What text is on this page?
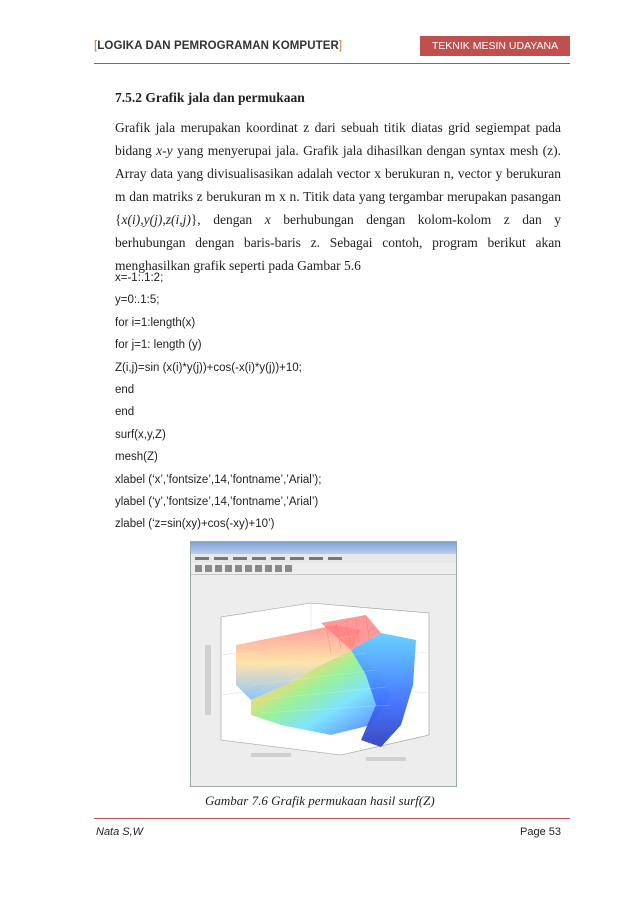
[LOGIKA DAN PEMROGRAMAN KOMPUTER]	TEKNIK MESIN UDAYANA
7.5.2 Grafik jala dan permukaan

Grafik jala merupakan koordinat z dari sebuah titik diatas grid segiempat pada bidang x-y yang menyerupai jala. Grafik jala dihasilkan dengan syntax mesh (z). Array data yang divisualisasikan adalah vector x berukuran n, vector y berukuran m dan matriks z berukuran m x n. Titik data yang tergambar merupakan pasangan {x(i),y(j),z(i,j)}, dengan x berhubungan dengan kolom-kolom z dan y berhubungan dengan baris-baris z. Sebagai contoh, program berikut akan menghasilkan grafik seperti pada Gambar 5.6

x=-1:.1:2;
y=0:.1:5;
for i=1:length(x)
for j=1: length (y)
Z(i,j)=sin (x(i)*y(j))+cos(-x(i)*y(j))+10;
end
end
surf(x,y,Z)
mesh(Z)
xlabel (‘x’,’fontsize’,14,’fontname’,’Arial’);
ylabel (‘y’,’fontsize’,14,’fontname’,’Arial’)
zlabel (‘z=sin(xy)+cos(-xy)+10’)
Gambar 7.6 Grafik permukaan hasil surf(Z)
Nata S,W	Page 53
